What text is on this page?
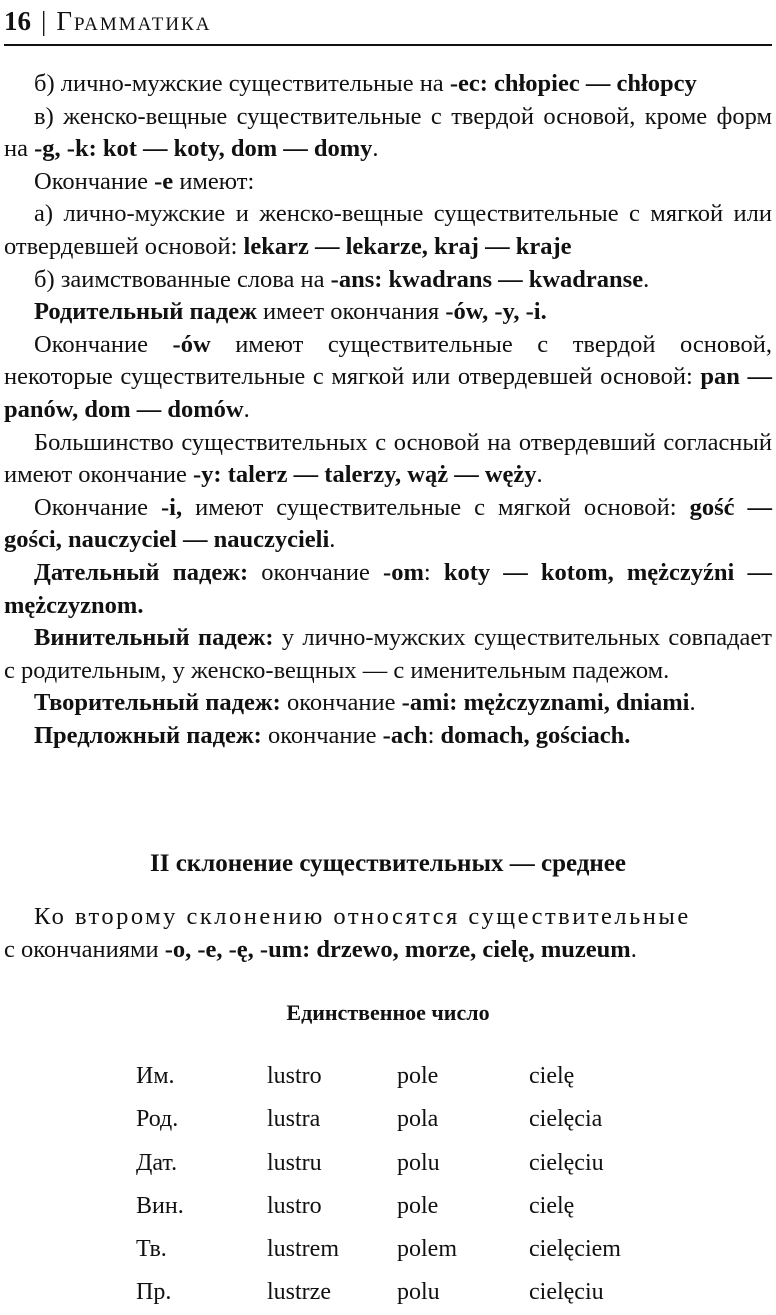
16 | Грамматика

б) лично-мужские существительные на -ec: chłopiec — chłopcy

в) женско-вещные существительные с твердой основой, кроме форм на -g, -k: kot — koty, dom — domy.

Окончание -e имеют:

а) лично-мужские и женско-вещные существительные с мягкой или отвердевшей основой: lekarz — lekarze, kraj — kraje

б) заимствованные слова на -ans: kwadrans — kwadranse.

Родительный падеж имеет окончания -ów, -y, -i.

Окончание -ów имеют существительные с твердой основой, некоторые существительные с мягкой или отвердевшей основой: pan — panów, dom — domów.

Большинство существительных с основой на отвердевший согласный имеют окончание -y: talerz — talerzy, wąż — węży.

Окончание -i, имеют существительные с мягкой основой: gość — gości, nauczyciel — nauczycieli.

Дательный падеж: окончание -om: koty — kotom, mężczyźni — mężczyznom.

Винительный падеж: у лично-мужских существительных совпадает с родительным, у женско-вещных — с именительным падежом.

Творительный падеж: окончание -ami: mężczyznami, dniami.

Предложный падеж: окончание -ach: domach, gościach.

II склонение существительных — среднее

Ко второму склонению относятся существительные
с окончаниями -o, -e, -ę, -um: drzewo, morze, cielę, muzeum.

Единственное число
Им.	lustro	pole	cielę
Род.	lustra	pola	cielęcia
Дат.	lustru	polu	cielęciu
Вин.	lustro	pole	cielę
Тв.	lustrem	polem	cielęciem
Пр.	lustrze	polu	cielęciu
